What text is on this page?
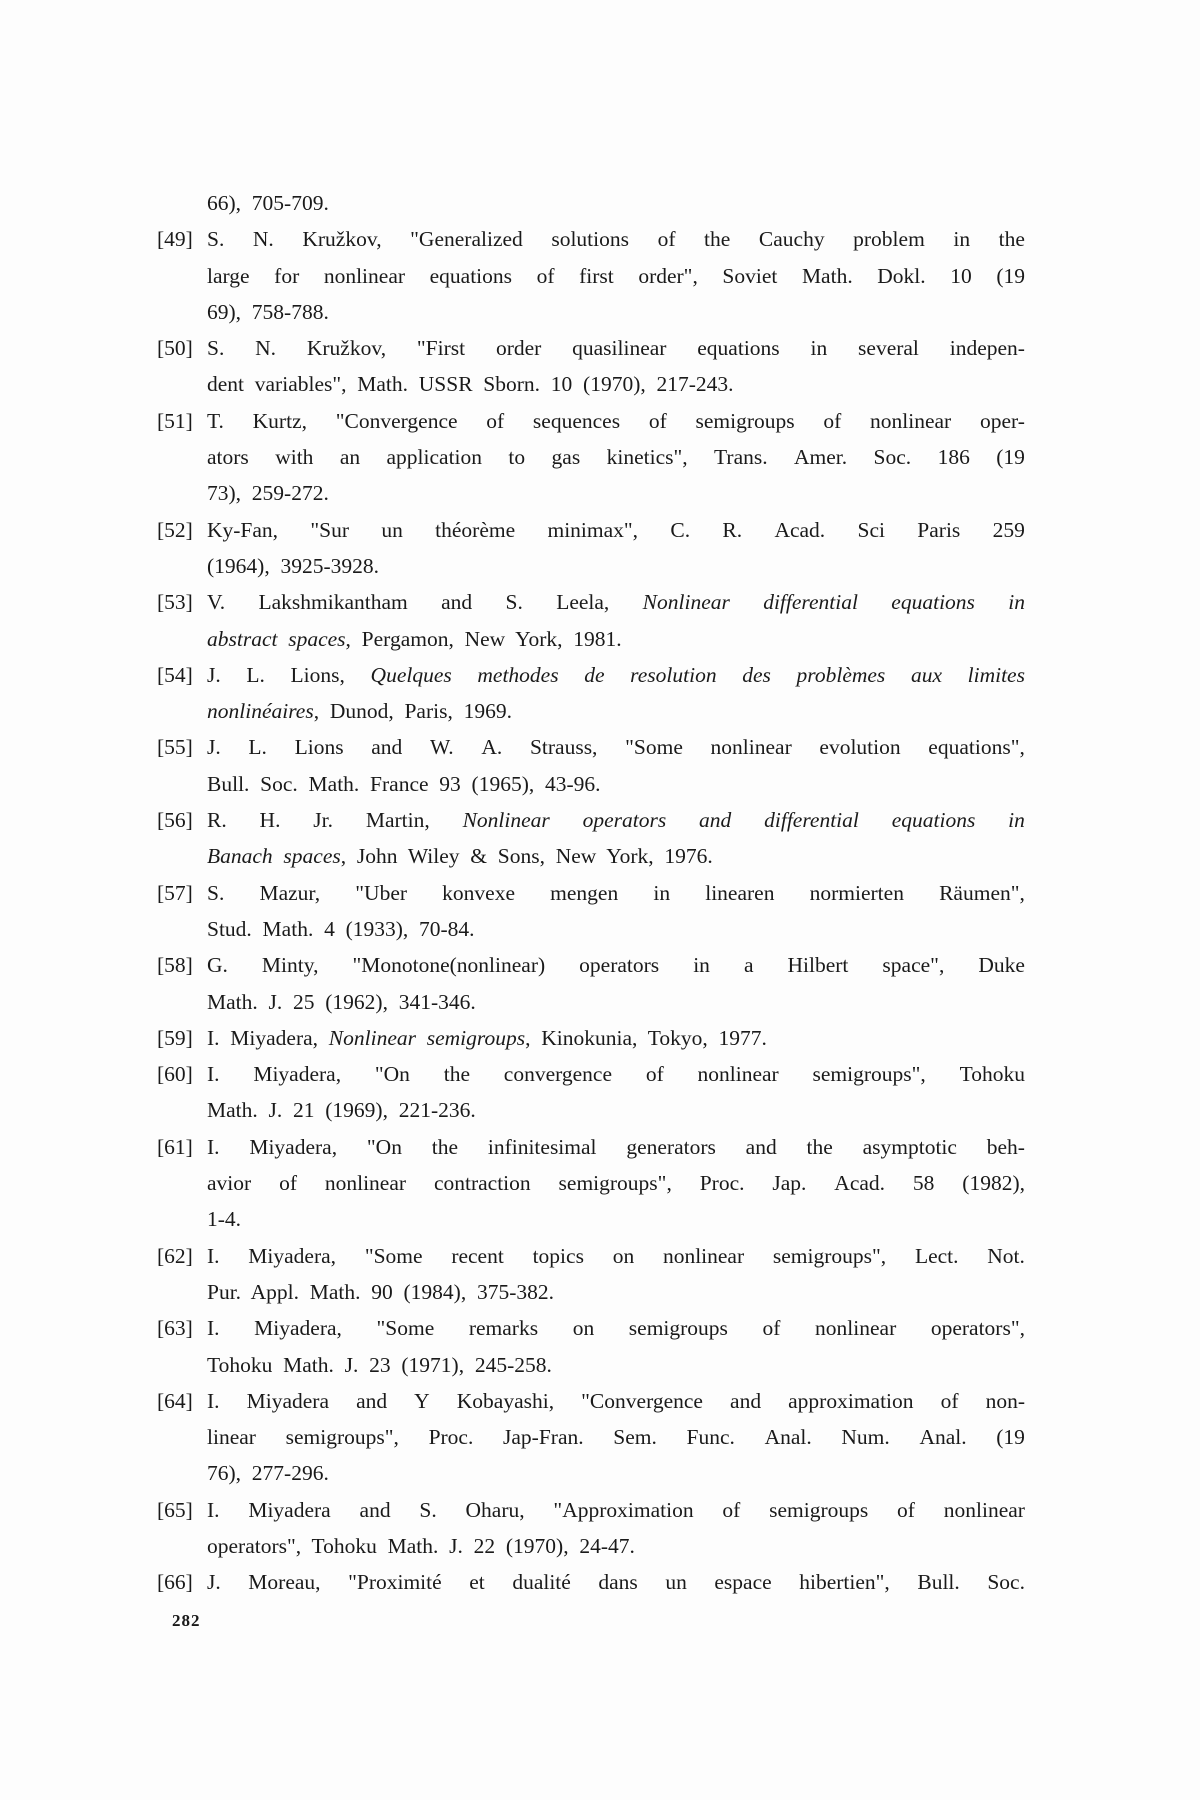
66),  705-709.
[49] S. N. Kružkov, "Generalized solutions of the Cauchy problem in the
large for nonlinear equations of first order", Soviet Math. Dokl. 10 (19
69),  758-788.
[50] S. N. Kružkov, "First order quasilinear equations in several indepen-
dent  variables",  Math.  USSR  Sborn.  10  (1970),  217-243.
[51] T. Kurtz, "Convergence of sequences of semigroups of nonlinear oper-
ators with an application to gas kinetics", Trans. Amer. Soc. 186 (19
73),  259-272.
[52] Ky-Fan, "Sur un théorème minimax", C. R. Acad. Sci Paris 259
(1964),  3925-3928.
[53] V. Lakshmikantham and S. Leela, Nonlinear differential equations in
abstract  spaces,  Pergamon,  New  York,  1981.
[54] J. L. Lions, Quelques methodes de resolution des problèmes aux limites
nonlinéaires,  Dunod,  Paris,  1969.
[55] J. L. Lions and W. A. Strauss, "Some nonlinear evolution equations",
Bull.  Soc.  Math.  France  93  (1965),  43-96.
[56] R. H. Jr. Martin, Nonlinear operators and differential equations in
Banach  spaces,  John  Wiley  &  Sons,  New  York,  1976.
[57] S. Mazur, "Uber konvexe mengen in linearen normierten Räumen",
Stud.  Math.  4  (1933),  70-84.
[58] G. Minty, "Monotone(nonlinear) operators in a Hilbert space", Duke
Math.  J.  25  (1962),  341-346.
[59] I.  Miyadera,  Nonlinear  semigroups,  Kinokunia,  Tokyo,  1977.
[60] I. Miyadera, "On the convergence of nonlinear semigroups", Tohoku
Math.  J.  21  (1969),  221-236.
[61] I. Miyadera, "On the infinitesimal generators and the asymptotic beh-
avior of nonlinear contraction semigroups", Proc. Jap. Acad. 58 (1982),
1-4.
[62] I. Miyadera, "Some recent topics on nonlinear semigroups", Lect. Not.
Pur.  Appl.  Math.  90  (1984),  375-382.
[63] I. Miyadera, "Some remarks on semigroups of nonlinear operators",
Tohoku  Math.  J.  23  (1971),  245-258.
[64] I. Miyadera and Y Kobayashi, "Convergence and approximation of non-
linear semigroups", Proc. Jap-Fran. Sem. Func. Anal. Num. Anal. (19
76),  277-296.
[65] I. Miyadera and S. Oharu, "Approximation of semigroups of nonlinear
operators",  Tohoku  Math.  J.  22  (1970),  24-47.
[66] J. Moreau, "Proximité et dualité dans un espace hibertien", Bull. Soc.
282
